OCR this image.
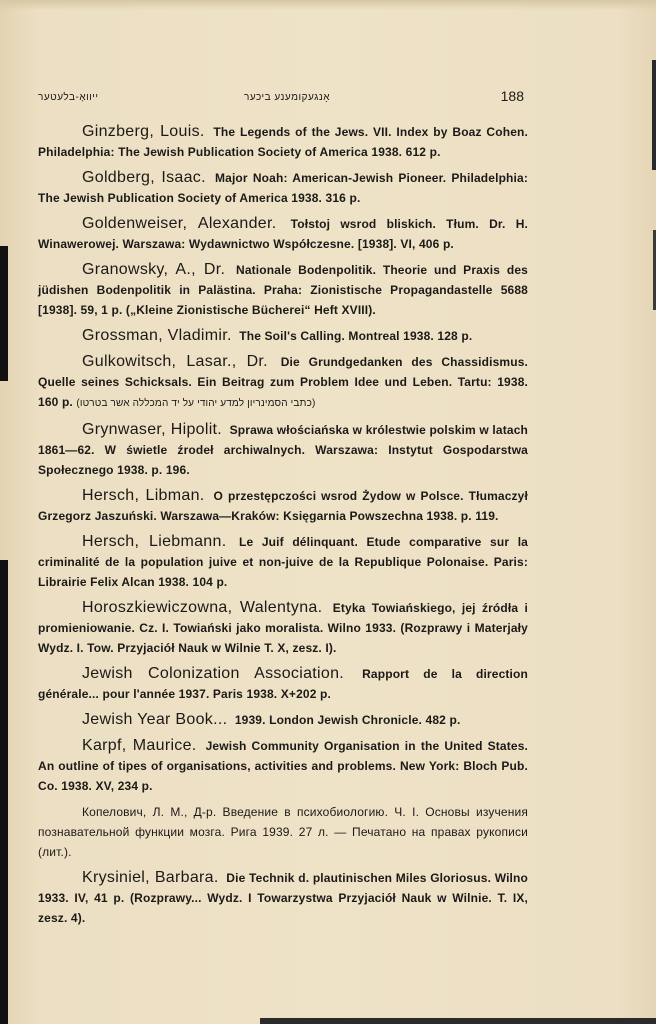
ייוואָ-בלעטער	אָנגעקומענע ביכער	188

Ginzberg, Louis. The Legends of the Jews. VII. Index by Boaz Cohen. Philadelphia: The Jewish Publication Society of America 1938. 612 p.

Goldberg, Isaac. Major Noah: American-Jewish Pioneer. Philadelphia: The Jewish Publication Society of America 1938. 316 p.

Goldenweiser, Alexander. Tołstoj wsrod bliskich. Tłum. Dr. H. Winawerowej. Warszawa: Wydawnictwo Współczesne. [1938]. VI, 406 p.

Granowsky, A., Dr. Nationale Bodenpolitik. Theorie und Praxis des jüdishen Bodenpolitik in Palästina. Praha: Zionistische Propagandastelle 5688 [1938]. 59, 1 p. („Kleine Zionistische Bücherei“ Heft XVIII).

Grossman, Vladimir. The Soil's Calling. Montreal 1938. 128 p.

Gulkowitsch, Lasar., Dr. Die Grundgedanken des Chassidismus. Quelle seines Schicksals. Ein Beitrag zum Problem Idee und Leben. Tartu: 1938. 160 p. (כתבי הסמינריון למדע יהודי על יד המכללה אשר בטרטו)

Grynwaser, Hipolit. Sprawa włościańska w królestwie polskim w latach 1861—62. W świetle źrodeł archiwalnych. Warszawa: Instytut Gospodarstwa Społecznego 1938. p. 196.

Hersch, Libman. O przestępczości wsrod Żydow w Polsce. Tłumaczył Grzegorz Jaszuński. Warszawa—Kraków: Księgarnia Powszechna 1938. p. 119.

Hersch, Liebmann. Le Juif délinquant. Etude comparative sur la criminalité de la population juive et non-juive de la Republique Polonaise. Paris: Librairie Felix Alcan 1938. 104 p.

Horoszkiewiczowna, Walentyna. Etyka Towiańskiego, jej źródła i promieniowanie. Cz. I. Towiański jako moralista. Wilno 1933. (Rozprawy i Materjały Wydz. I. Tow. Przyjaciół Nauk w Wilnie T. X, zesz. I).

Jewish Colonization Association. Rapport de la direction générale... pour l'année 1937. Paris 1938. X+202 p.

Jewish Year Book... 1939. London Jewish Chronicle. 482 p.

Karpf, Maurice. Jewish Community Organisation in the United States. An outline of tipes of organisations, activities and problems. New York: Bloch Pub. Co. 1938. XV, 234 p.

Копелович, Л. М., Д-р. Введение в психобиологию. Ч. I. Основы изучения познавательной функции мозга. Рига 1939. 27 л. — Печатано на правах рукописи (лит.).

Krysiniel, Barbara. Die Technik d. plautinischen Miles Gloriosus. Wilno 1933. IV, 41 p. (Rozprawy... Wydz. I Towarzystwa Przyjaciół Nauk w Wilnie. T. IX, zesz. 4).
